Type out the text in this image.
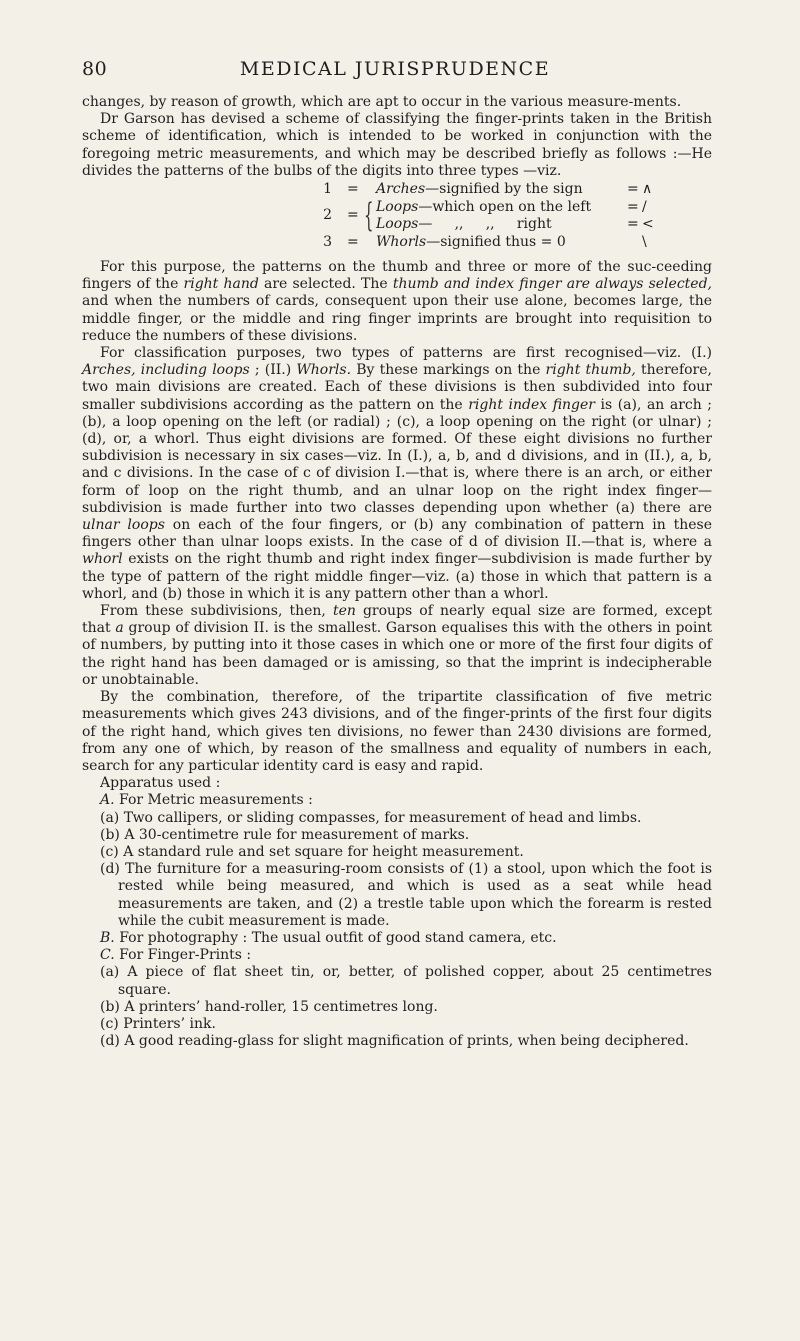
80	MEDICAL JURISPRUDENCE

changes, by reason of growth, which are apt to occur in the various measure-ments.

Dr Garson has devised a scheme of classifying the finger-prints taken in the British scheme of identification, which is intended to be worked in conjunction with the foregoing metric measurements, and which may be described briefly as follows :—He divides the patterns of the bulbs of the digits into three types —viz.

1 = Arches—signified by the sign	= ∧
2 = Loops—which open on the left	= /
Loops—     ,,     ,,     right	= <
3 = Whorls—signified thus = 0	\
{

For this purpose, the patterns on the thumb and three or more of the suc-ceeding fingers of the right hand are selected. The thumb and index finger are always selected, and when the numbers of cards, consequent upon their use alone, becomes large, the middle finger, or the middle and ring finger imprints are brought into requisition to reduce the numbers of these divisions.

For classification purposes, two types of patterns are first recognised—viz. (I.) Arches, including loops ; (II.) Whorls. By these markings on the right thumb, therefore, two main divisions are created. Each of these divisions is then subdivided into four smaller subdivisions according as the pattern on the right index finger is (a), an arch ; (b), a loop opening on the left (or radial) ; (c), a loop opening on the right (or ulnar) ; (d), or, a whorl. Thus eight divisions are formed. Of these eight divisions no further subdivision is necessary in six cases—viz. In (I.), a, b, and d divisions, and in (II.), a, b, and c divisions. In the case of c of division I.—that is, where there is an arch, or either form of loop on the right thumb, and an ulnar loop on the right index finger—subdivision is made further into two classes depending upon whether (a) there are ulnar loops on each of the four fingers, or (b) any combination of pattern in these fingers other than ulnar loops exists. In the case of d of division II.—that is, where a whorl exists on the right thumb and right index finger—subdivision is made further by the type of pattern of the right middle finger—viz. (a) those in which that pattern is a whorl, and (b) those in which it is any pattern other than a whorl.

From these subdivisions, then, ten groups of nearly equal size are formed, except that a group of division II. is the smallest. Garson equalises this with the others in point of numbers, by putting into it those cases in which one or more of the first four digits of the right hand has been damaged or is amissing, so that the imprint is indecipherable or unobtainable.

By the combination, therefore, of the tripartite classification of five metric measurements which gives 243 divisions, and of the finger-prints of the first four digits of the right hand, which gives ten divisions, no fewer than 2430 divisions are formed, from any one of which, by reason of the smallness and equality of numbers in each, search for any particular identity card is easy and rapid.

Apparatus used :

A. For Metric measurements :

(a) Two callipers, or sliding compasses, for measurement of head and limbs.

(b) A 30-centimetre rule for measurement of marks.

(c) A standard rule and set square for height measurement.

(d) The furniture for a measuring-room consists of (1) a stool, upon which the foot is rested while being measured, and which is used as a seat while head measurements are taken, and (2) a trestle table upon which the forearm is rested while the cubit measurement is made.

B. For photography : The usual outfit of good stand camera, etc.

C. For Finger-Prints :

(a) A piece of flat sheet tin, or, better, of polished copper, about 25 centimetres square.

(b) A printers’ hand-roller, 15 centimetres long.

(c) Printers’ ink.

(d) A good reading-glass for slight magnification of prints, when being deciphered.
